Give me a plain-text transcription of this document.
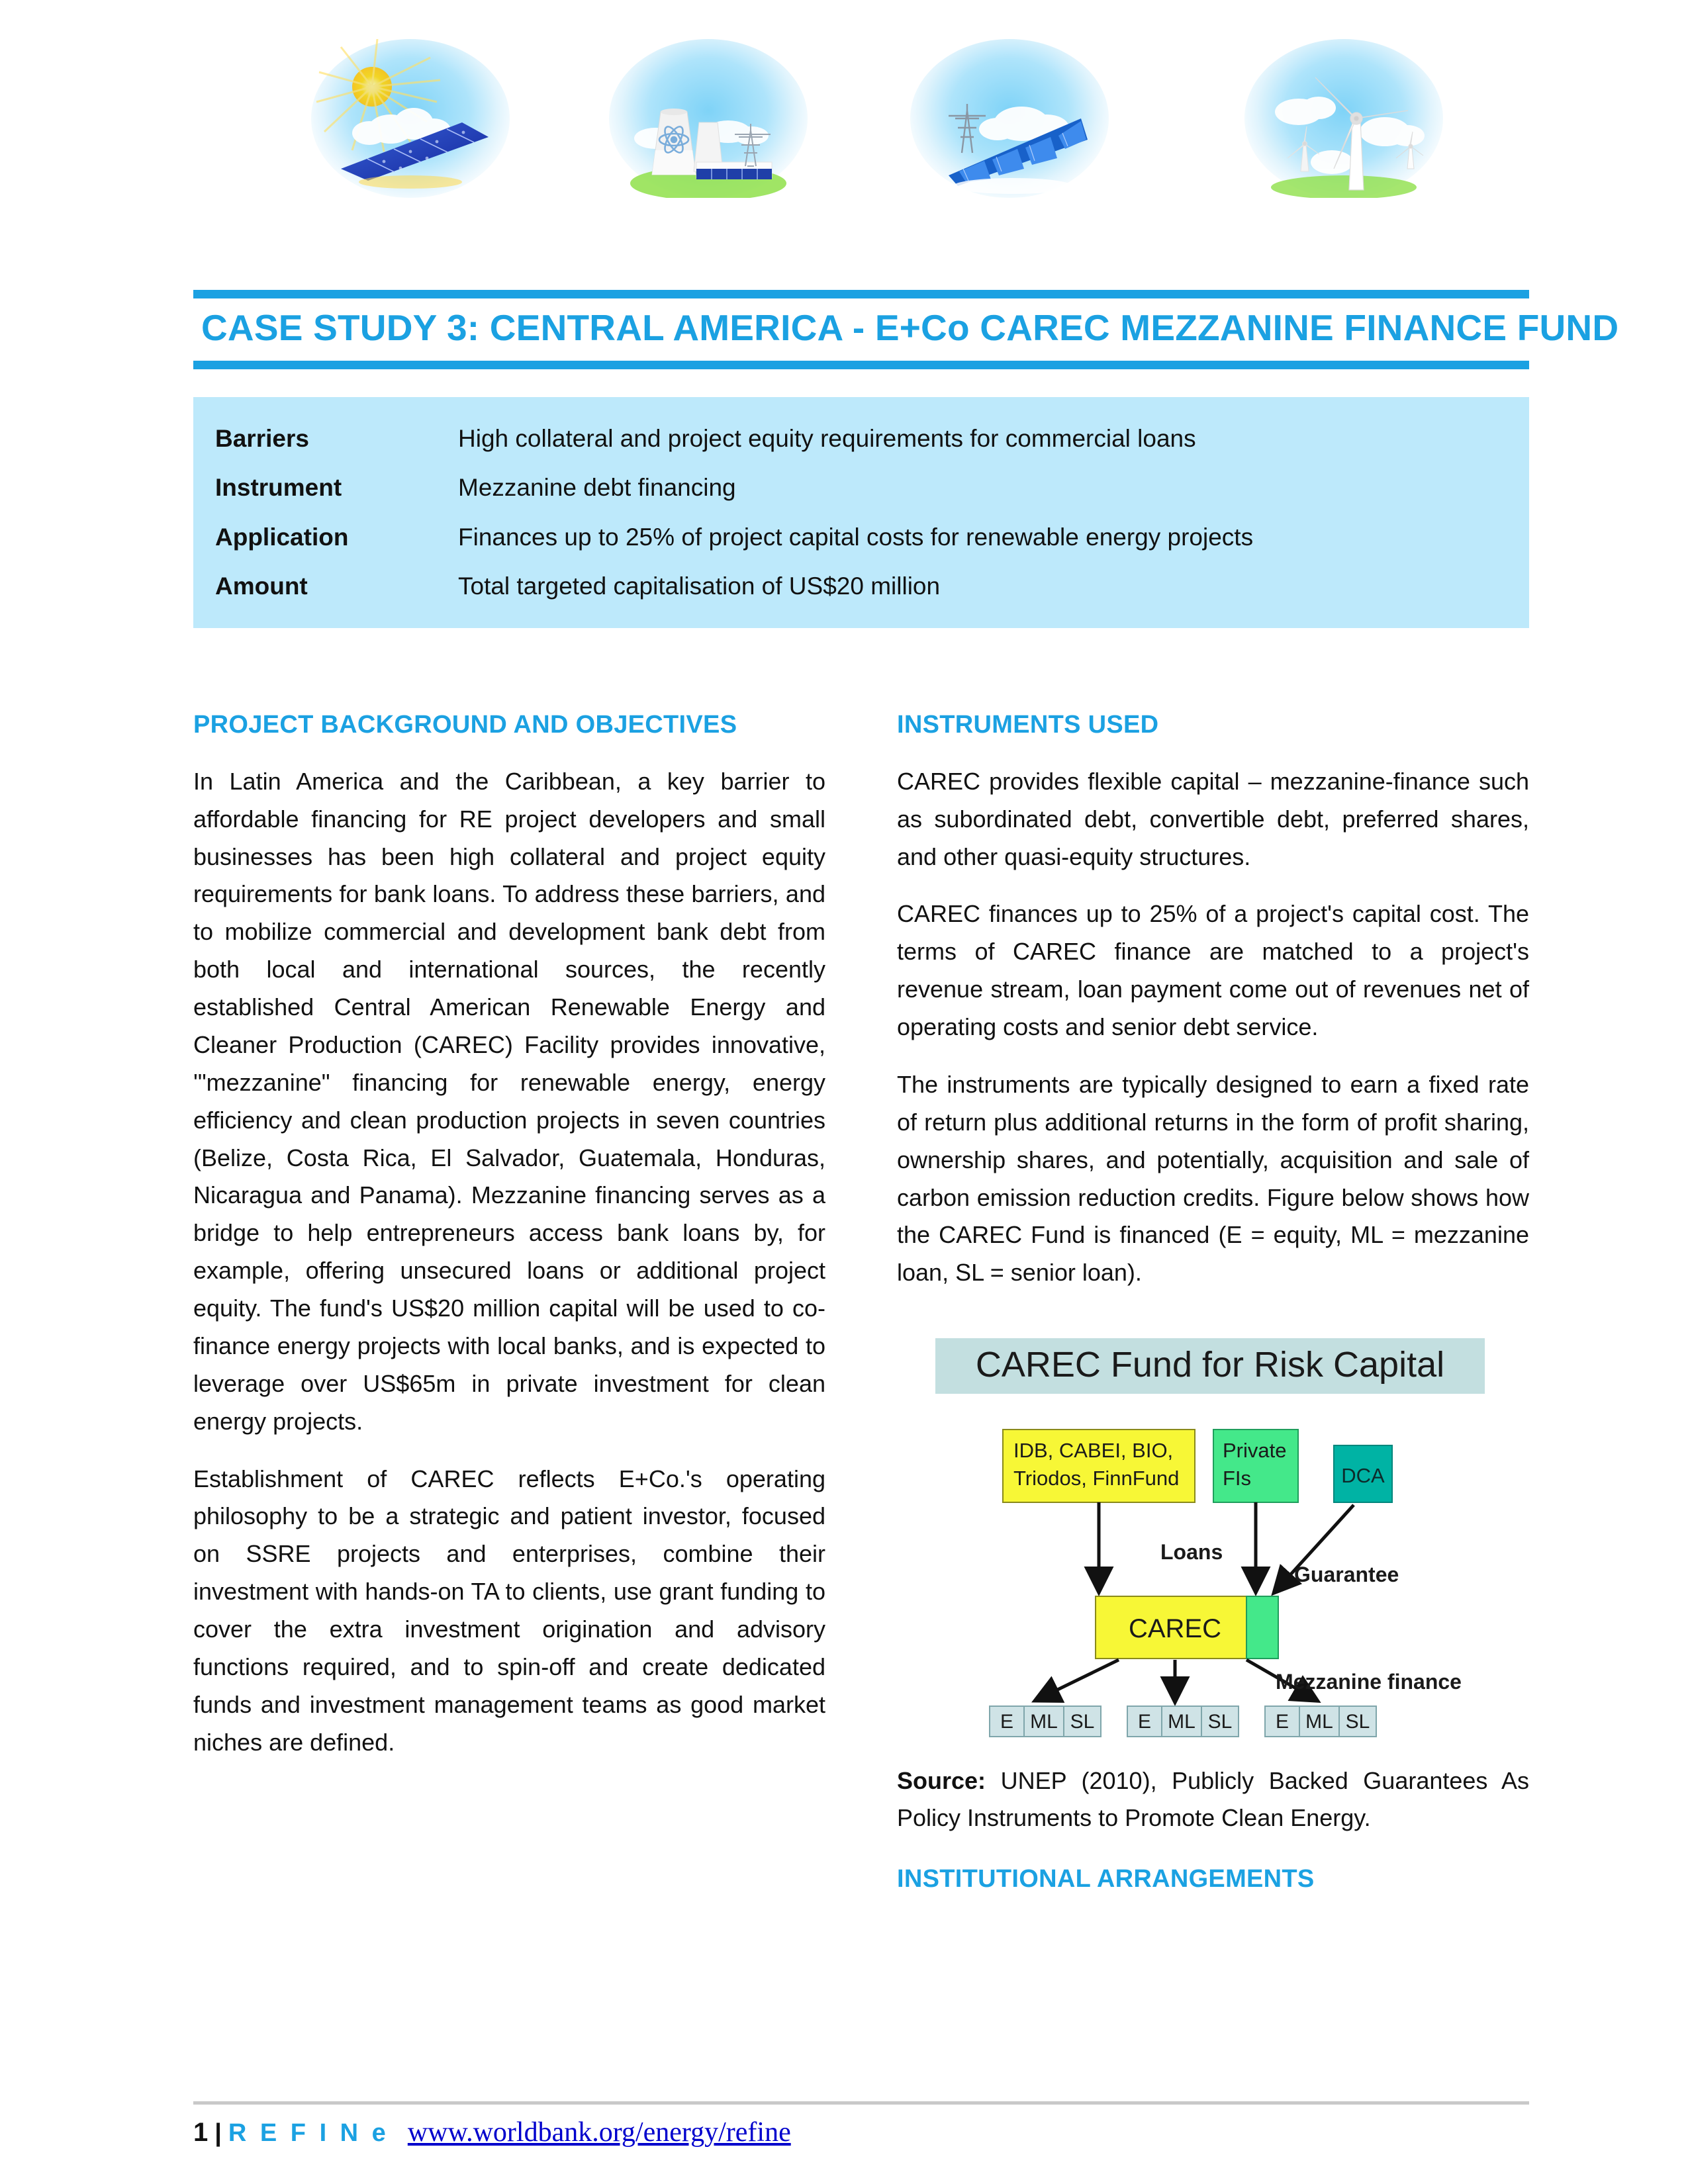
CASE STUDY 3: CENTRAL AMERICA - E+Co CAREC MEZZANINE FINANCE FUND
Barriers	High collateral and project equity requirements for commercial loans
Instrument	Mezzanine debt financing
Application	Finances up to 25% of project capital costs for renewable energy projects
Amount	Total targeted capitalisation of US$20 million
PROJECT BACKGROUND AND OBJECTIVES

In Latin America and the Caribbean, a key barrier to affordable financing for RE project developers and small businesses has been high collateral and project equity requirements for bank loans. To address these barriers, and to mobilize commercial and development bank debt from both local and international sources, the recently established Central American Renewable Energy and Cleaner Production (CAREC) Facility provides innovative, '"mezzanine" financing for renewable energy, energy efficiency and clean production projects in seven countries (Belize, Costa Rica, El Salvador, Guatemala, Honduras, Nicaragua and Panama). Mezzanine financing serves as a bridge to help entrepreneurs access bank loans by, for example, offering unsecured loans or additional project equity. The fund's US$20 million capital will be used to co-finance energy projects with local banks, and is expected to leverage over US$65m in private investment for clean energy projects.

Establishment of CAREC reflects E+Co.'s operating philosophy to be a strategic and patient investor, focused on SSRE projects and enterprises, combine their investment with hands-on TA to clients, use grant funding to cover the extra investment origination and advisory functions required, and to spin-off and create dedicated funds and investment management teams as good market niches are defined.

INSTRUMENTS USED

CAREC provides flexible capital – mezzanine-finance such as subordinated debt, convertible debt, preferred shares, and other quasi-equity structures.

CAREC finances up to 25% of a project's capital cost. The terms of CAREC finance are matched to a project's revenue stream, loan payment come out of revenues net of operating costs and senior debt service.

The instruments are typically designed to earn a fixed rate of return plus additional returns in the form of profit sharing, ownership shares, and potentially, acquisition and sale of carbon emission reduction credits. Figure below shows how the CAREC Fund is financed (E = equity, ML = mezzanine loan, SL = senior loan).

CAREC Fund for Risk Capital
IDB, CABEI, BIO,
Triodos, FinnFund
Private
FIs	DCA
Loans
Guarantee
CAREC
Mezzanine finance
E ML SL E ML SL E ML SL

Source: UNEP (2010), Publicly Backed Guarantees As Policy Instruments to Promote Clean Energy.

INSTITUTIONAL ARRANGEMENTS
1 | R E F I N e www.worldbank.org/energy/refine
